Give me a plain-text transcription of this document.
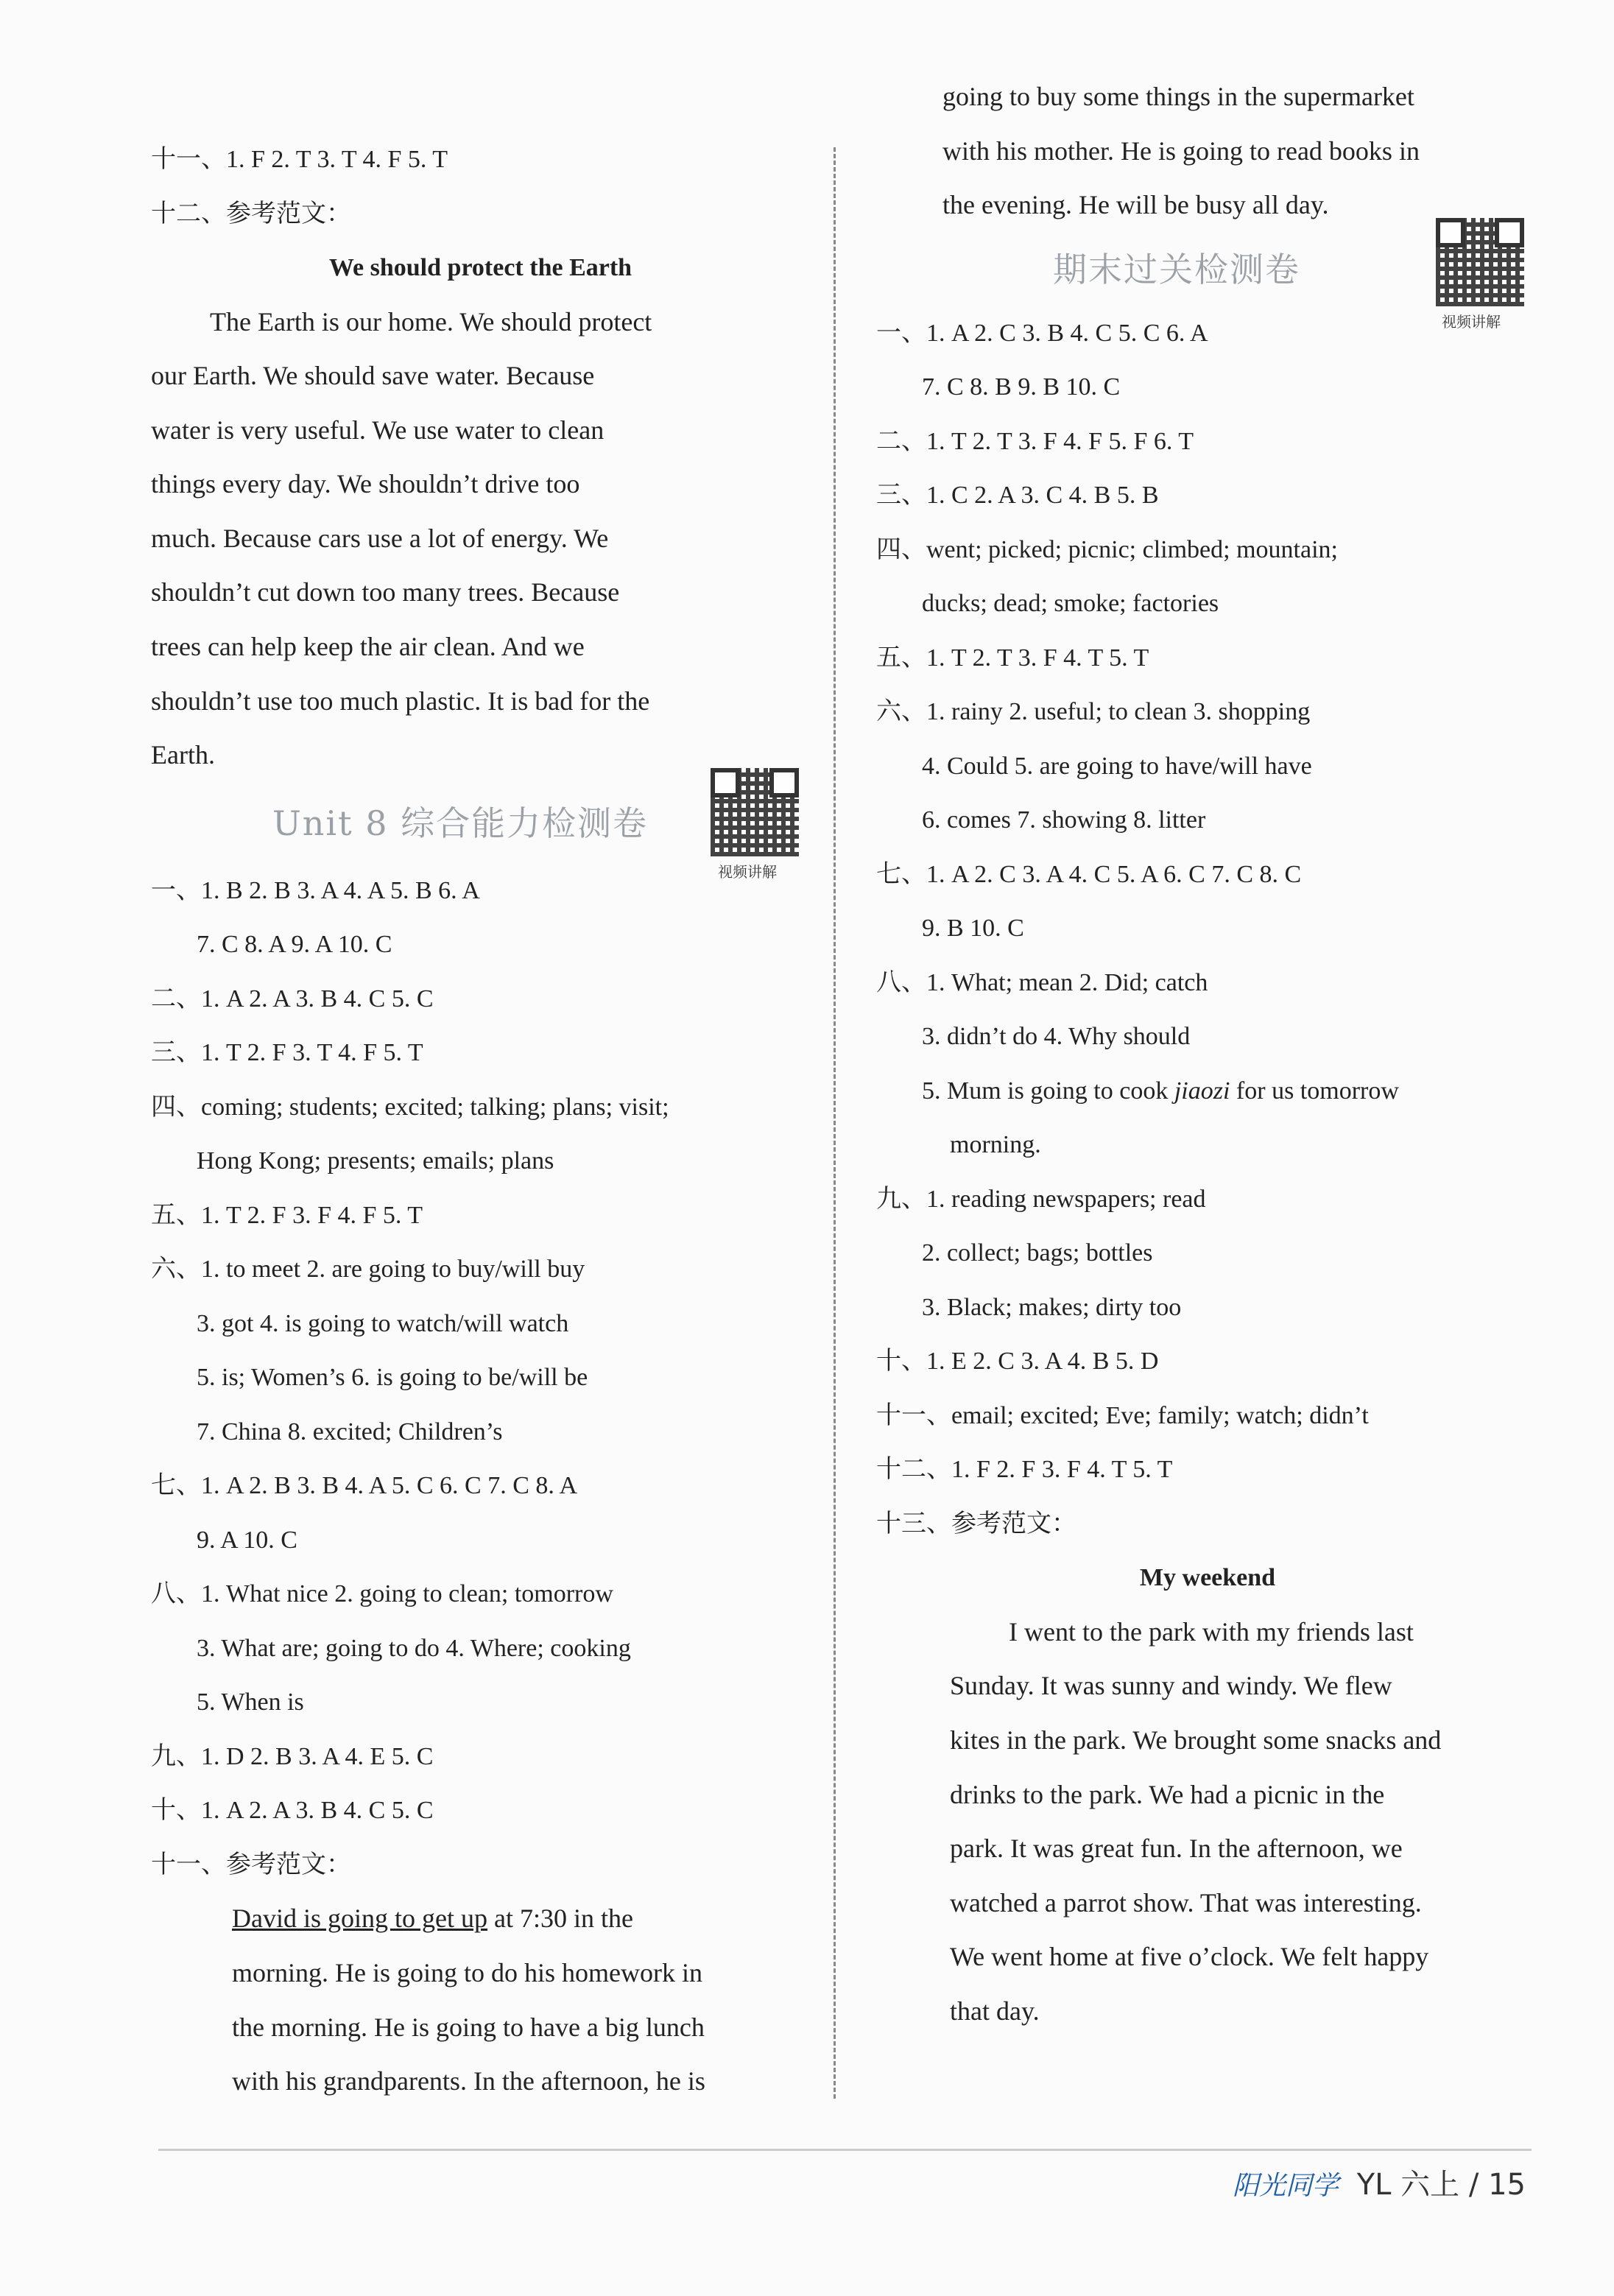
十一、1. F 2. T 3. T 4. F 5. T
十二、参考范文：
We should protect the Earth
The Earth is our home. We should protect
our Earth. We should save water. Because
water is very useful. We use water to clean
things every day. We shouldn’t drive too
much. Because cars use a lot of energy. We
shouldn’t cut down too many trees. Because
trees can help keep the air clean. And we
shouldn’t use too much plastic. It is bad for the
Earth.
Unit 8 综合能力检测卷
视频讲解
一、1. B 2. B 3. A 4. A 5. B 6. A
7. C 8. A 9. A 10. C
二、1. A 2. A 3. B 4. C 5. C
三、1. T 2. F 3. T 4. F 5. T
四、coming; students; excited; talking; plans; visit;
Hong Kong; presents; emails; plans
五、1. T 2. F 3. F 4. F 5. T
六、1. to meet 2. are going to buy/will buy
3. got 4. is going to watch/will watch
5. is; Women’s 6. is going to be/will be
7. China 8. excited; Children’s
七、1. A 2. B 3. B 4. A 5. C 6. C 7. C 8. A
9. A 10. C
八、1. What nice 2. going to clean; tomorrow
3. What are; going to do 4. Where; cooking
5. When is
九、1. D 2. B 3. A 4. E 5. C
十、1. A 2. A 3. B 4. C 5. C
十一、参考范文：
David is going to get up at 7:30 in the
morning. He is going to do his homework in
the morning. He is going to have a big lunch
with his grandparents. In the afternoon, he is
going to buy some things in the supermarket
with his mother. He is going to read books in
the evening. He will be busy all day.
期末过关检测卷
视频讲解
一、1. A 2. C 3. B 4. C 5. C 6. A
7. C 8. B 9. B 10. C
二、1. T 2. T 3. F 4. F 5. F 6. T
三、1. C 2. A 3. C 4. B 5. B
四、went; picked; picnic; climbed; mountain;
ducks; dead; smoke; factories
五、1. T 2. T 3. F 4. T 5. T
六、1. rainy 2. useful; to clean 3. shopping
4. Could 5. are going to have/will have
6. comes 7. showing 8. litter
七、1. A 2. C 3. A 4. C 5. A 6. C 7. C 8. C
9. B 10. C
八、1. What; mean 2. Did; catch
3. didn’t do 4. Why should
5. Mum is going to cook jiaozi for us tomorrow
morning.
九、1. reading newspapers; read
2. collect; bags; bottles
3. Black; makes; dirty too
十、1. E 2. C 3. A 4. B 5. D
十一、email; excited; Eve; family; watch; didn’t
十二、1. F 2. F 3. F 4. T 5. T
十三、参考范文：
My weekend
I went to the park with my friends last
Sunday. It was sunny and windy. We flew
kites in the park. We brought some snacks and
drinks to the park. We had a picnic in the
park. It was great fun. In the afternoon, we
watched a parrot show. That was interesting.
We went home at five o’clock. We felt happy
that day.
阳光同学 YL 六上 / 15
